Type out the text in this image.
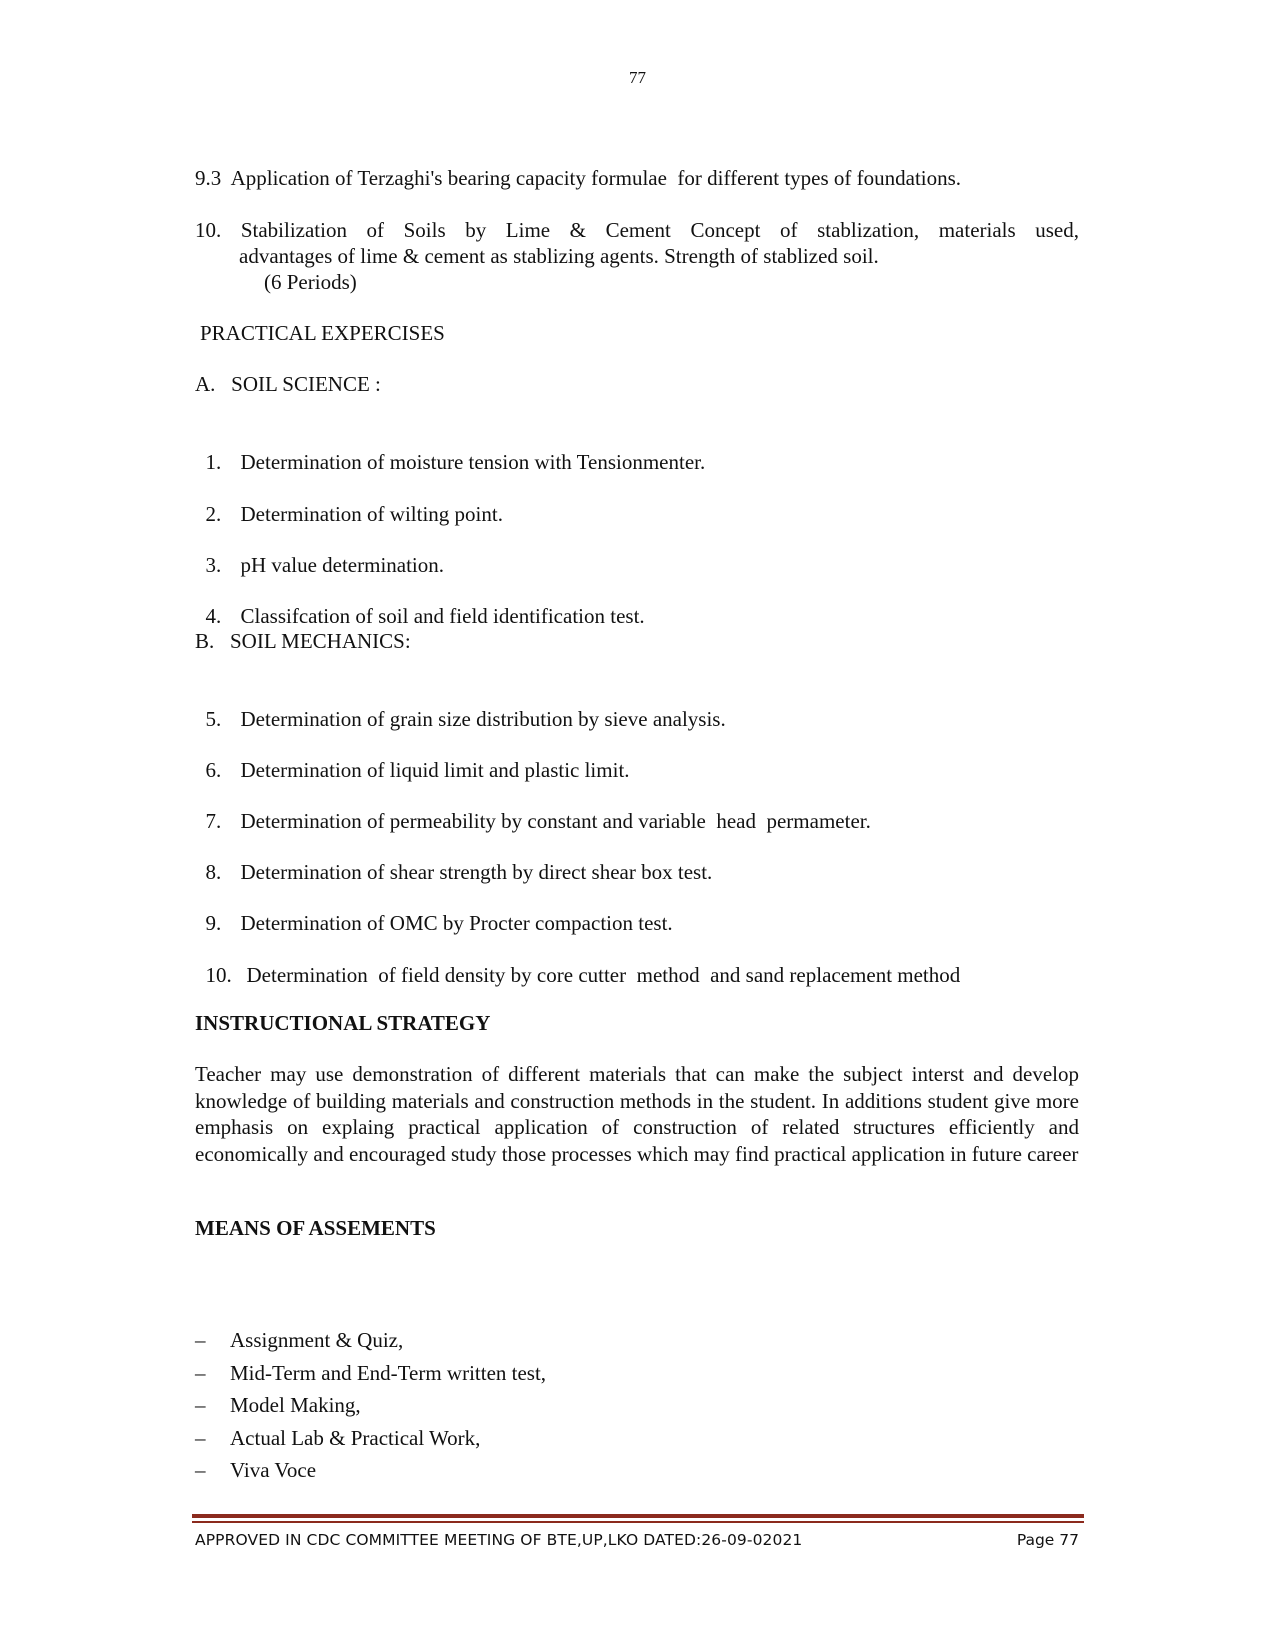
77
9.3  Application of Terzaghi's bearing capacity formulae  for different types of foundations.
10. Stabilization of Soils by Lime & Cement Concept of stablization, materials used,
advantages of lime & cement as stablizing agents. Strength of stablized soil.
(6 Periods)
PRACTICAL EXPERCISES
A.   SOIL SCIENCE :

1. Determination of moisture tension with Tensionmenter.

2. Determination of wilting point.

3. pH value determination.

4. Classifcation of soil and field identification test.

B.   SOIL MECHANICS:

5. Determination of grain size distribution by sieve analysis.

6. Determination of liquid limit and plastic limit.

7. Determination of permeability by constant and variable  head  permameter.

8. Determination of shear strength by direct shear box test.

9. Determination of OMC by Procter compaction test.

10. Determination  of field density by core cutter  method  and sand replacement method

INSTRUCTIONAL STRATEGY
Teacher may use demonstration of different materials that can make the subject interst and develop knowledge of building materials and construction methods in the student. In additions student give more emphasis on explaing practical application of construction of related structures efficiently and economically and encouraged study those processes which may find practical application in future career
MEANS OF ASSEMENTS
– Assignment & Quiz,
– Mid-Term and End-Term written test,
– Model Making,
– Actual Lab & Practical Work,
– Viva Voce
APPROVED IN CDC COMMITTEE MEETING OF BTE,UP,LKO DATED:26-09-02021	Page 77
